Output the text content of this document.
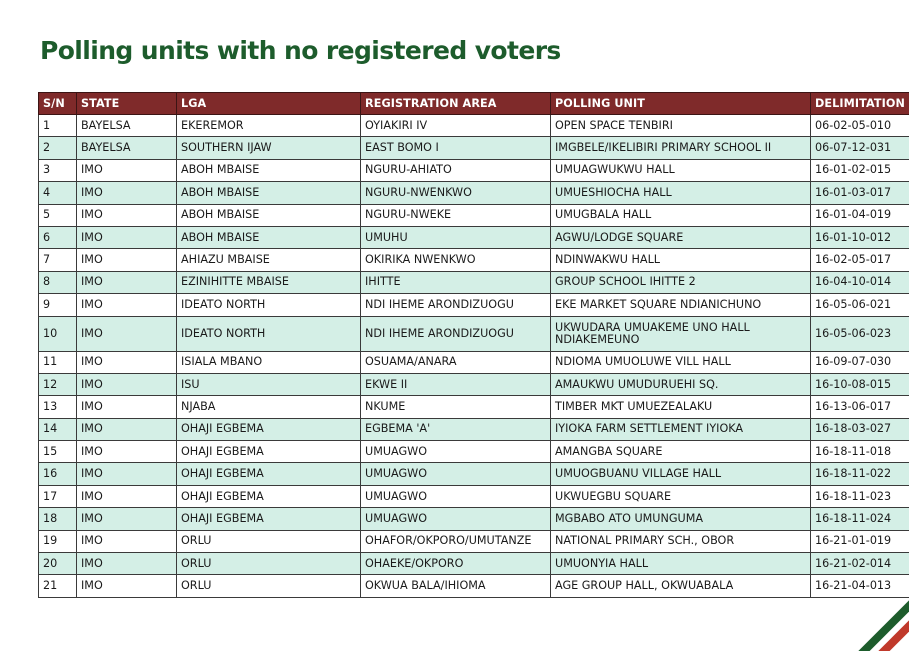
Polling units with no registered voters
S/N	STATE	LGA	REGISTRATION AREA	POLLING UNIT	DELIMITATION
1	BAYELSA	EKEREMOR	OYIAKIRI IV	OPEN SPACE TENBIRI	06-02-05-010
2	BAYELSA	SOUTHERN IJAW	EAST BOMO I	IMGBELE/IKELIBIRI PRIMARY SCHOOL II	06-07-12-031
3	IMO	ABOH MBAISE	NGURU-AHIATO	UMUAGWUKWU HALL	16-01-02-015
4	IMO	ABOH MBAISE	NGURU-NWENKWO	UMUESHIOCHA HALL	16-01-03-017
5	IMO	ABOH MBAISE	NGURU-NWEKE	UMUGBALA HALL	16-01-04-019
6	IMO	ABOH MBAISE	UMUHU	AGWU/LODGE SQUARE	16-01-10-012
7	IMO	AHIAZU MBAISE	OKIRIKA NWENKWO	NDINWAKWU HALL	16-02-05-017
8	IMO	EZINIHITTE MBAISE	IHITTE	GROUP SCHOOL IHITTE 2	16-04-10-014
9	IMO	IDEATO NORTH	NDI IHEME ARONDIZUOGU	EKE MARKET SQUARE NDIANICHUNO	16-05-06-021
10	IMO	IDEATO NORTH	NDI IHEME ARONDIZUOGU	UKWUDARA UMUAKEME UNO HALL NDIAKEMEUNO	16-05-06-023
11	IMO	ISIALA MBANO	OSUAMA/ANARA	NDIOMA UMUOLUWE VILL HALL	16-09-07-030
12	IMO	ISU	EKWE II	AMAUKWU UMUDURUEHI SQ.	16-10-08-015
13	IMO	NJABA	NKUME	TIMBER MKT UMUEZEALAKU	16-13-06-017
14	IMO	OHAJI EGBEMA	EGBEMA 'A'	IYIOKA FARM SETTLEMENT IYIOKA	16-18-03-027
15	IMO	OHAJI EGBEMA	UMUAGWO	AMANGBA SQUARE	16-18-11-018
16	IMO	OHAJI EGBEMA	UMUAGWO	UMUOGBUANU VILLAGE HALL	16-18-11-022
17	IMO	OHAJI EGBEMA	UMUAGWO	UKWUEGBU SQUARE	16-18-11-023
18	IMO	OHAJI EGBEMA	UMUAGWO	MGBABO ATO UMUNGUMA	16-18-11-024
19	IMO	ORLU	OHAFOR/OKPORO/UMUTANZE	NATIONAL PRIMARY SCH., OBOR	16-21-01-019
20	IMO	ORLU	OHAEKE/OKPORO	UMUONYIA HALL	16-21-02-014
21	IMO	ORLU	OKWUA BALA/IHIOMA	AGE GROUP HALL, OKWUABALA	16-21-04-013
